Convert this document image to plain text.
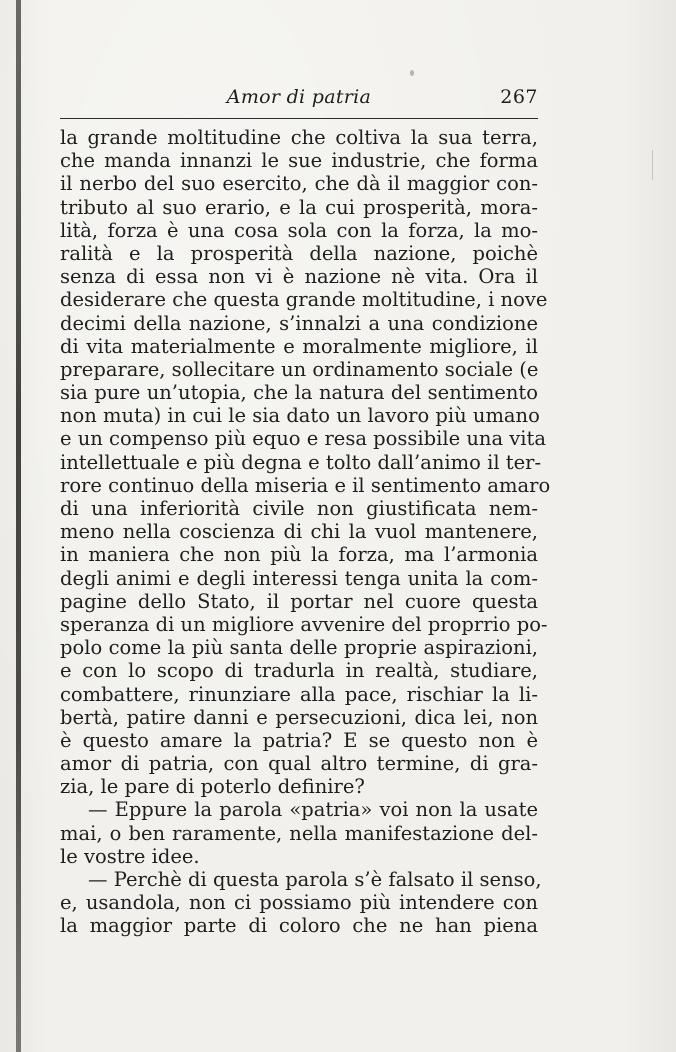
Amor di patria	267
la grande moltitudine che coltiva la sua terra,
che manda innanzi le sue industrie, che forma
il nerbo del suo esercito, che dà il maggior con-
tributo al suo erario, e la cui prosperità, mora-
lità, forza è una cosa sola con la forza, la mo-
ralità e la prosperità della nazione, poichè
senza di essa non vi è nazione nè vita. Ora il
desiderare che questa grande moltitudine, i nove
decimi della nazione, s’innalzi a una condizione
di vita materialmente e moralmente migliore, il
preparare, sollecitare un ordinamento sociale (e
sia pure un’utopia, che la natura del sentimento
non muta) in cui le sia dato un lavoro più umano
e un compenso più equo e resa possibile una vita
intellettuale e più degna e tolto dall’animo il ter-
rore continuo della miseria e il sentimento amaro
di una inferiorità civile non giustificata nem-
meno nella coscienza di chi la vuol mantenere,
in maniera che non più la forza, ma l’armonia
degli animi e degli interessi tenga unita la com-
pagine dello Stato, il portar nel cuore questa
speranza di un migliore avvenire del proprrio po-
polo come la più santa delle proprie aspirazioni,
e con lo scopo di tradurla in realtà, studiare,
combattere, rinunziare alla pace, rischiar la li-
bertà, patire danni e persecuzioni, dica lei, non
è questo amare la patria? E se questo non è
amor di patria, con qual altro termine, di gra-
zia, le pare di poterlo definire?
— Eppure la parola «patria» voi non la usate
mai, o ben raramente, nella manifestazione del-
le vostre idee.
— Perchè di questa parola s’è falsato il senso,
e, usandola, non ci possiamo più intendere con
la maggior parte di coloro che ne han piena
